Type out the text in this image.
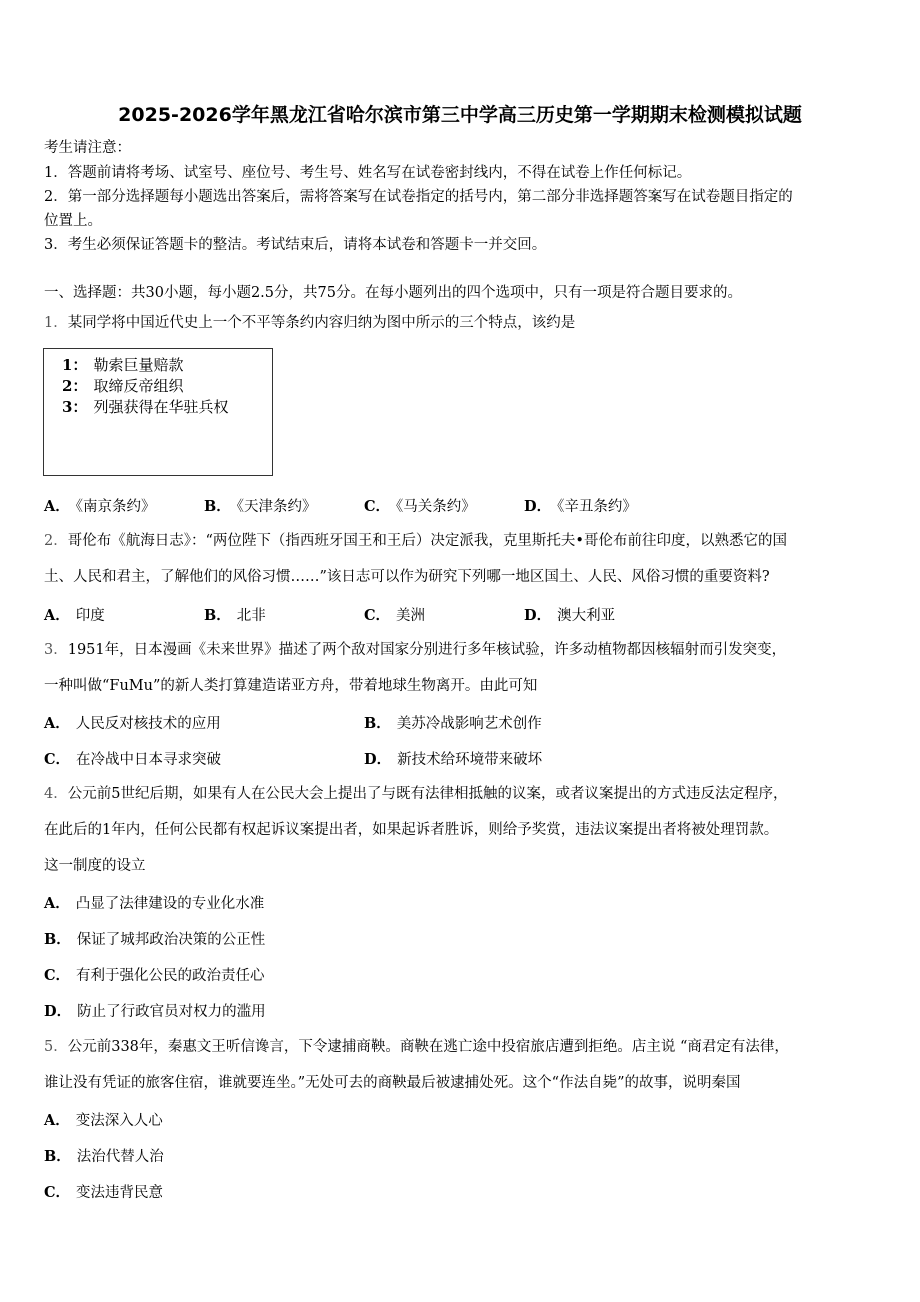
2025-2026学年黑龙江省哈尔滨市第三中学高三历史第一学期期末检测模拟试题
考生请注意：
1．答题前请将考场、试室号、座位号、考生号、姓名写在试卷密封线内，不得在试卷上作任何标记。
2．第一部分选择题每小题选出答案后，需将答案写在试卷指定的括号内，第二部分非选择题答案写在试卷题目指定的
位置上。
3．考生必须保证答题卡的整洁。考试结束后，请将本试卷和答题卡一并交回。
一、选择题：共30小题，每小题2.5分，共75分。在每小题列出的四个选项中，只有一项是符合题目要求的。
1．某同学将中国近代史上一个不平等条约内容归纳为图中所示的三个特点，该约是
1： 勒索巨量赔款
2： 取缔反帝组织
3： 列强获得在华驻兵权
A． 《南京条约》	B． 《天津条约》	C． 《马关条约》	D． 《辛丑条约》
2．哥伦布《航海日志》：“两位陛下（指西班牙国王和王后）决定派我，克里斯托夫•哥伦布前往印度，以熟悉它的国
土、人民和君主，了解他们的风俗习惯……”该日志可以作为研究下列哪一地区国土、人民、风俗习惯的重要资料?
A． 印度	B． 北非	C． 美洲	D． 澳大利亚
3．1951年，日本漫画《未来世界》描述了两个敌对国家分别进行多年核试验，许多动植物都因核辐射而引发突变，
一种叫做“FuMu”的新人类打算建造诺亚方舟，带着地球生物离开。由此可知
A． 人民反对核技术的应用	B． 美苏冷战影响艺术创作
C． 在冷战中日本寻求突破	D． 新技术给环境带来破坏
4．公元前5世纪后期，如果有人在公民大会上提出了与既有法律相抵触的议案，或者议案提出的方式违反法定程序，
在此后的1年内，任何公民都有权起诉议案提出者，如果起诉者胜诉，则给予奖赏，违法议案提出者将被处理罚款。
这一制度的设立
A． 凸显了法律建设的专业化水准
B． 保证了城邦政治决策的公正性
C． 有利于强化公民的政治责任心
D． 防止了行政官员对权力的滥用
5．公元前338年，秦惠文王听信谗言，下令逮捕商鞅。商鞅在逃亡途中投宿旅店遭到拒绝。店主说 “商君定有法律，
谁让没有凭证的旅客住宿，谁就要连坐。”无处可去的商鞅最后被逮捕处死。这个“作法自毙”的故事，说明秦国
A． 变法深入人心
B． 法治代替人治
C． 变法违背民意
